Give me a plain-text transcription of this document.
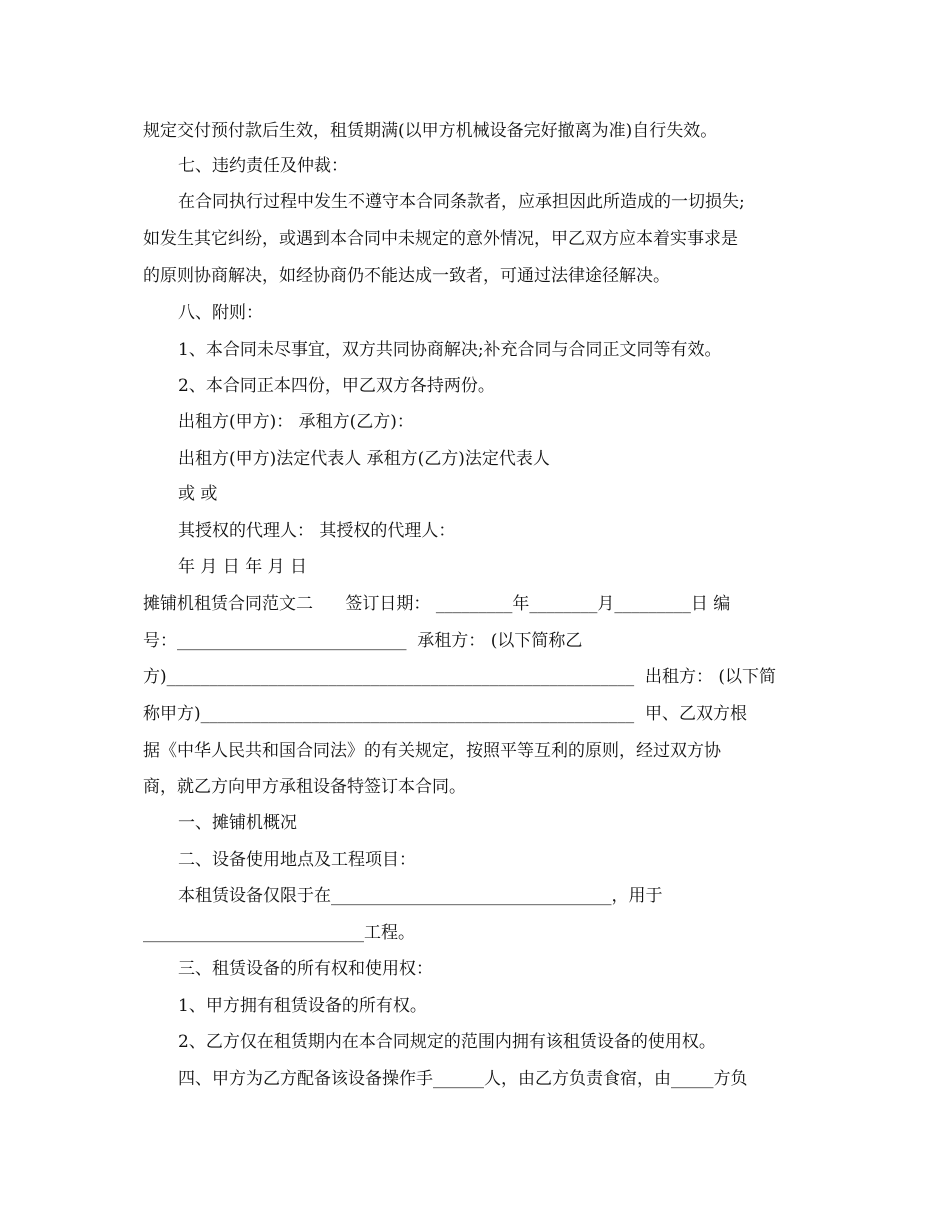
规定交付预付款后生效，租赁期满(以甲方机械设备完好撤离为准)自行失效。
七、违约责任及仲裁：
在合同执行过程中发生不遵守本合同条款者，应承担因此所造成的一切损失;
如发生其它纠纷，或遇到本合同中未规定的意外情况，甲乙双方应本着实事求是
的原则协商解决，如经协商仍不能达成一致者，可通过法律途径解决。
八、附则：
1、本合同未尽事宜，双方共同协商解决;补充合同与合同正文同等有效。
2、本合同正本四份，甲乙双方各持两份。
出租方(甲方)： 承租方(乙方)：
出租方(甲方)法定代表人 承租方(乙方)法定代表人
或 或
其授权的代理人： 其授权的代理人：
年 月 日 年 月 日
摊铺机租赁合同范文二      签订日期： _________年________月_________日 编
号：___________________________  承租方： (以下简称乙
方)_______________________________________________________  出租方： (以下简
称甲方)___________________________________________________  甲、乙双方根
据《中华人民共和国合同法》的有关规定，按照平等互利的原则，经过双方协
商，就乙方向甲方承租设备特签订本合同。
一、摊铺机概况
二、设备使用地点及工程项目：
本租赁设备仅限于在_________________________________，用于
__________________________工程。
三、租赁设备的所有权和使用权：
1、甲方拥有租赁设备的所有权。
2、乙方仅在租赁期内在本合同规定的范围内拥有该租赁设备的使用权。
四、甲方为乙方配备该设备操作手______人，由乙方负责食宿，由_____方负
